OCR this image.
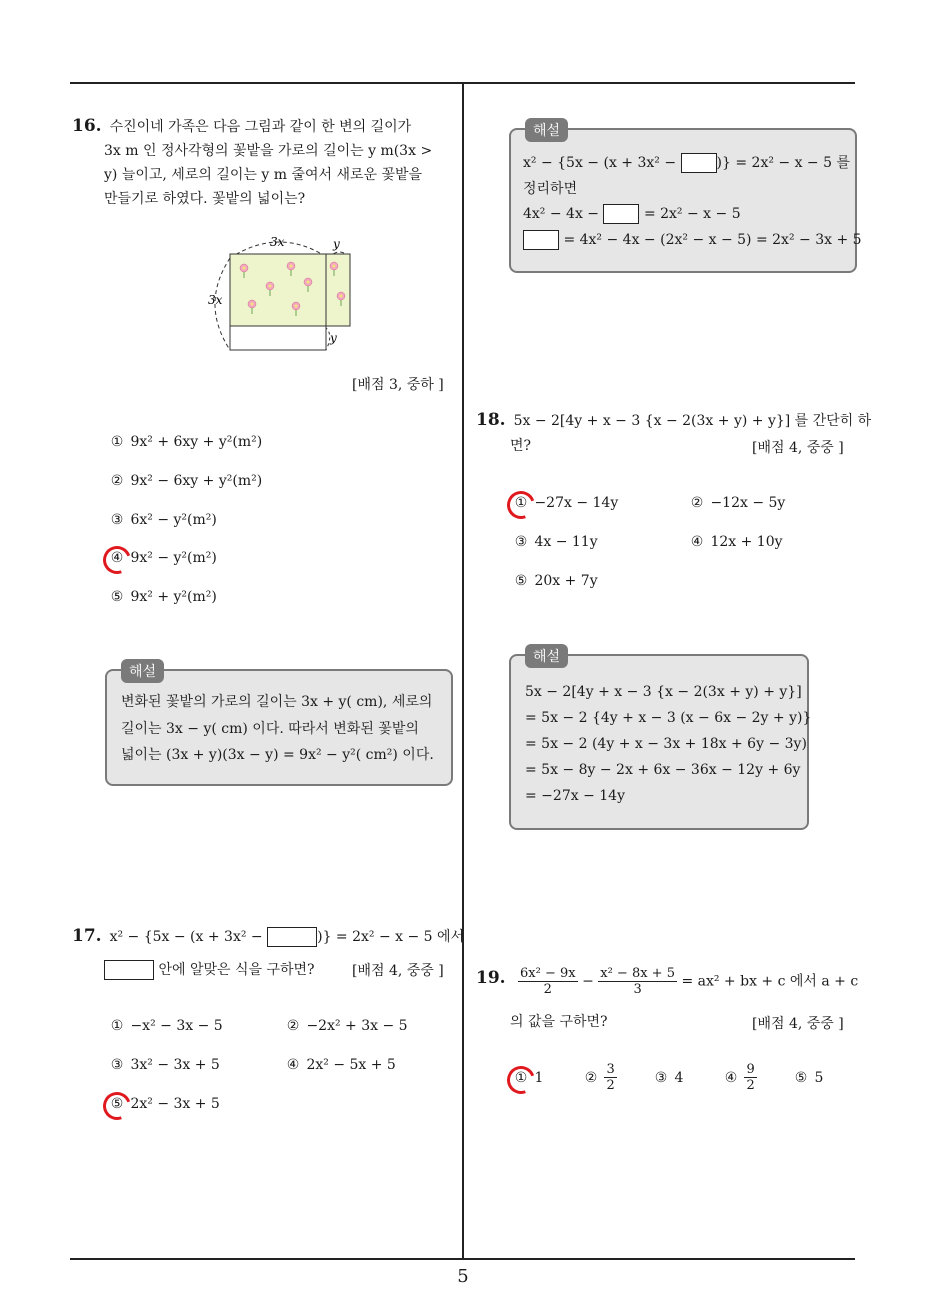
16. 수진이네 가족은 다음 그림과 같이 한 변의 길이가
3x m 인 정사각형의 꽃밭을 가로의 길이는 y m(3x >
y) 늘이고, 세로의 길이는 y m 줄여서 새로운 꽃밭을
만들기로 하였다. 꽃밭의 넓이는?
3x	y
3x
y
[배점 3, 중하 ]
① 9x² + 6xy + y²(m²)
② 9x² − 6xy + y²(m²)
③ 6x² − y²(m²)
④ 9x² − y²(m²)
⑤ 9x² + y²(m²)
해설
변화된 꽃밭의 가로의 길이는 3x + y( cm), 세로의
길이는 3x − y( cm) 이다. 따라서 변화된 꽃밭의
넓이는 (3x + y)(3x − y) = 9x² − y²( cm²) 이다.
17. x² − {5x − (x + 3x² −	)} = 2x² − x − 5 에서
안에 알맞은 식을 구하면?	[배점 4, 중중 ]
① −x² − 3x − 5	② −2x² + 3x − 5
③ 3x² − 3x + 5	④ 2x² − 5x + 5
⑤ 2x² − 3x + 5
해설
x² − {5x − (x + 3x² −	)} = 2x² − x − 5 를
정리하면
4x² − 4x −	= 2x² − x − 5
= 4x² − 4x − (2x² − x − 5) = 2x² − 3x + 5
18. 5x − 2[4y + x − 3 {x − 2(3x + y) + y}] 를 간단히 하
면?	[배점 4, 중중 ]
① −27x − 14y	② −12x − 5y
③ 4x − 11y	④ 12x + 10y
⑤ 20x + 7y
해설
5x − 2[4y + x − 3 {x − 2(3x + y) + y}]
= 5x − 2 {4y + x − 3 (x − 6x − 2y + y)}
= 5x − 2 (4y + x − 3x + 18x + 6y − 3y)
= 5x − 8y − 2x + 6x − 36x − 12y + 6y
= −27x − 14y
19. $\frac{\text{6x² − 9x}}{2} - \frac{\text{x² − 8x + 5}}{3} = ax^2$ + bx + c 에서 a + c
의 값을 구하면?	[배점 4, 중중 ]
① 1	② $\frac{3}{2}$	③ 4	④ $\frac{9}{2}$	⑤ 5
5
